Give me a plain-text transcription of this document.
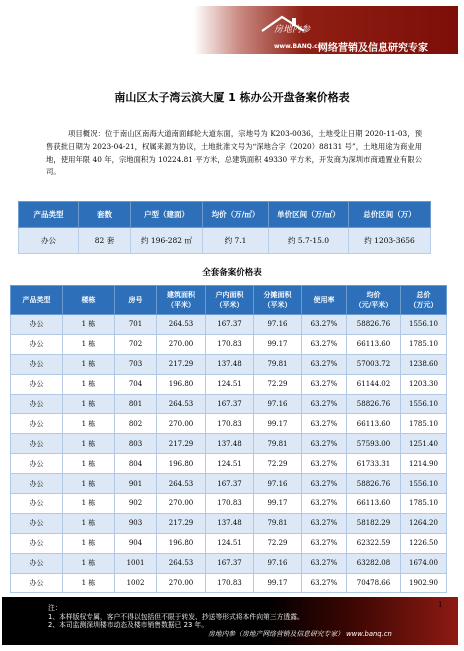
房地内参
www.BANQ.cn
网络营销及信息研究专家
南山区太子湾云滨大厦 1 栋办公开盘备案价格表
项目概况：位于南山区南海大道南面邮轮大道东面，宗地号为 K203-0036，土地受让日期 2020-11-03，预售获批日期为 2023-04-21，权属来源为协议，土地批准文号为“深地合字（2020）88131 号”，土地用途为商业用地，使用年限 40 年，宗地面积为 10224.81 平方米，总建筑面积 49330 平方米，开发商为深圳市商通置业有限公司。
产品类型	套数	户型（建面）	均价（万/㎡）	单价区间（万/㎡）	总价区间（万）
办公	82 套	约 196-282 ㎡	约 7.1	约 5.7-15.0	约 1203-3656
全套备案价格表
产品类型	楼栋	房号	建筑面积
（平米）	户内面积
（平米）	分摊面积
（平米）	使用率	均价
（元/平米）	总价
（万元）
办公	1 栋	701	264.53	167.37	97.16	63.27%	58826.76	1556.10
办公	1 栋	702	270.00	170.83	99.17	63.27%	66113.60	1785.10
办公	1 栋	703	217.29	137.48	79.81	63.27%	57003.72	1238.60
办公	1 栋	704	196.80	124.51	72.29	63.27%	61144.02	1203.30
办公	1 栋	801	264.53	167.37	97.16	63.27%	58826.76	1556.10
办公	1 栋	802	270.00	170.83	99.17	63.27%	66113.60	1785.10
办公	1 栋	803	217.29	137.48	79.81	63.27%	57593.00	1251.40
办公	1 栋	804	196.80	124.51	72.29	63.27%	61733.31	1214.90
办公	1 栋	901	264.53	167.37	97.16	63.27%	58826.76	1556.10
办公	1 栋	902	270.00	170.83	99.17	63.27%	66113.60	1785.10
办公	1 栋	903	217.29	137.48	79.81	63.27%	58182.29	1264.20
办公	1 栋	904	196.80	124.51	72.29	63.27%	62322.59	1226.50
办公	1 栋	1001	264.53	167.37	97.16	63.27%	63282.08	1674.00
办公	1 栋	1002	270.00	170.83	99.17	63.27%	70478.66	1902.90
注：
1、本样版权专属，客户不得以包括但不限于转发、抄送等形式将本件向第三方透露。
2、本司监测深圳楼市动态及楼市销售数据已 23 年。
房地内参（房地产网络营销及信息研究专家） www.banq.cn
1
